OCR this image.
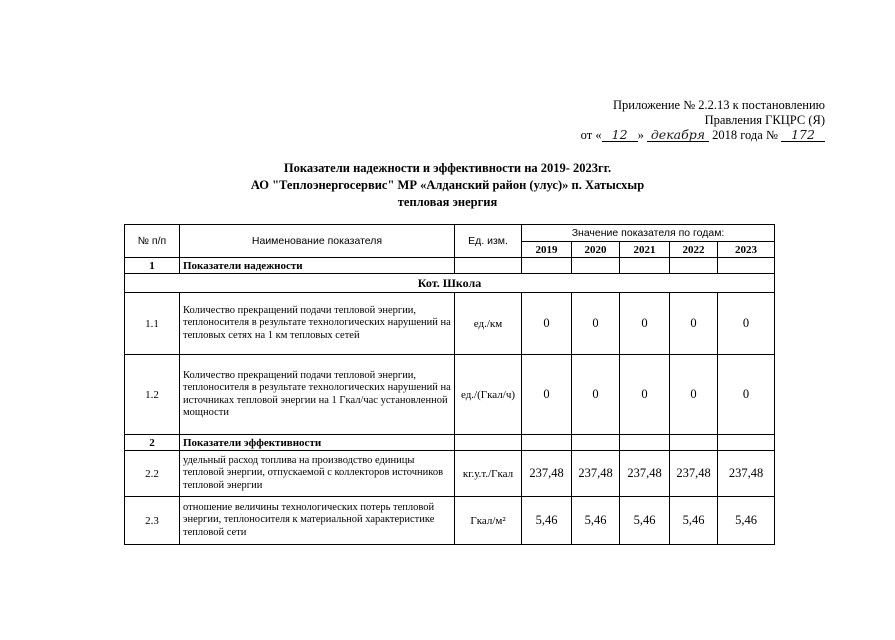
Приложение № 2.2.13 к постановлению
Правления ГКЦРС (Я)
от « 12 » декабря 2018 года № 172
Показатели надежности и эффективности на 2019- 2023гг.
АО "Теплоэнергосервис" МР «Алданский район (улус)» п. Хатысхыр
тепловая энергия
№ п/п	Наименование показателя	Ед. изм.	Значение показателя по годам:				
			2019	2020	2021	2022	2023
1	Показатели надежности						
Кот. Школа							
1.1	Количество прекращений подачи тепловой энергии, теплоносителя в результате технологических нарушений на тепловых сетях на 1 км тепловых сетей	ед./км	0	0	0	0	0
1.2	Количество прекращений подачи тепловой энергии, теплоносителя в результате технологических нарушений на источниках тепловой энергии на 1 Гкал/час установленной мощности	ед./(Гкал/ч)	0	0	0	0	0
2	Показатели эффективности						
2.2	удельный расход топлива на производство единицы тепловой энергии, отпускаемой с коллекторов источников тепловой энергии	кг.у.т./Гкал	237,48	237,48	237,48	237,48	237,48
2.3	отношение величины технологических потерь тепловой энергии, теплоносителя к материальной характеристике тепловой сети	Гкал/м²	5,46	5,46	5,46	5,46	5,46
